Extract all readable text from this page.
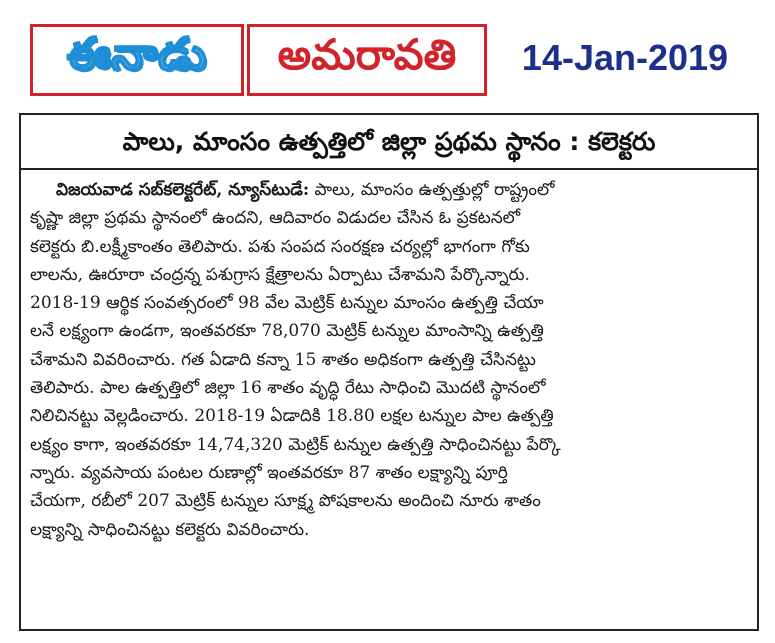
ఈనాడు అమరావతి	14-Jan-2019
పాలు, మాంసం ఉత్పత్తిలో జిల్లా ప్రథమ స్థానం : కలెక్టరు
విజయవాడ సబ్‌కలెక్టరేట్, న్యూస్‌టుడే: పాలు, మాంసం ఉత్పత్తుల్లో రాష్ట్రంలో
కృష్ణా జిల్లా ప్రథమ స్థానంలో ఉందని, ఆదివారం విడుదల చేసిన ఓ ప్రకటనలో
కలెక్టరు బి.లక్ష్మీకాంతం తెలిపారు. పశు సంపద సంరక్షణ చర్యల్లో భాగంగా గోకు
లాలను, ఊరూరా చంద్రన్న పశుగ్రాస క్షేత్రాలను ఏర్పాటు చేశామని పేర్కొన్నారు.
2018-19 ఆర్థిక సంవత్సరంలో 98 వేల మెట్రిక్ టన్నుల మాంసం ఉత్పత్తి చేయా
లనే లక్ష్యంగా ఉండగా, ఇంతవరకూ 78,070 మెట్రిక్ టన్నుల మాంసాన్ని ఉత్పత్తి
చేశామని వివరించారు. గత ఏడాది కన్నా 15 శాతం అధికంగా ఉత్పత్తి చేసినట్టు
తెలిపారు. పాల ఉత్పత్తిలో జిల్లా 16 శాతం వృద్ధి రేటు సాధించి మొదటి స్థానంలో
నిలిచినట్టు వెల్లడించారు. 2018-19 ఏడాదికి 18.80 లక్షల టన్నుల పాల ఉత్పత్తి
లక్ష్యం కాగా, ఇంతవరకూ 14,74,320 మెట్రిక్ టన్నుల ఉత్పత్తి సాధించినట్టు పేర్కొ
న్నారు. వ్యవసాయ పంటల రుణాల్లో ఇంతవరకూ 87 శాతం లక్ష్యాన్ని పూర్తి
చేయగా, రబీలో 207 మెట్రిక్ టన్నుల సూక్ష్మ పోషకాలను అందించి నూరు శాతం
లక్ష్యాన్ని సాధించినట్టు కలెక్టరు వివరించారు.
